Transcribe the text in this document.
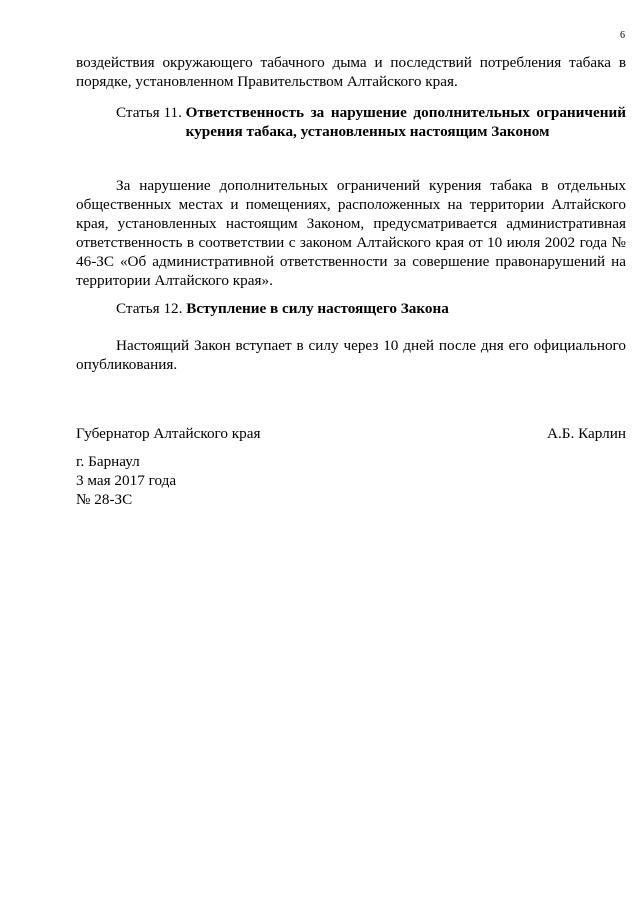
6
воздействия окружающего табачного дыма и последствий потребления табака в порядке, установленном Правительством Алтайского края.
Статья 11. Ответственность за нарушение дополнительных ограничений курения табака, установленных настоящим Законом
За нарушение дополнительных ограничений курения табака в отдельных общественных местах и помещениях, расположенных на территории Алтайского края, установленных настоящим Законом, предусматривается административная ответственность в соответствии с законом Алтайского края от 10 июля 2002 года № 46-ЗС «Об административной ответственности за совершение правонарушений на территории Алтайского края».
Статья 12. Вступление в силу настоящего Закона
Настоящий Закон вступает в силу через 10 дней после дня его официального опубликования.
Губернатор Алтайского края	А.Б. Карлин
г. Барнаул
3 мая 2017 года
№ 28-ЗС
